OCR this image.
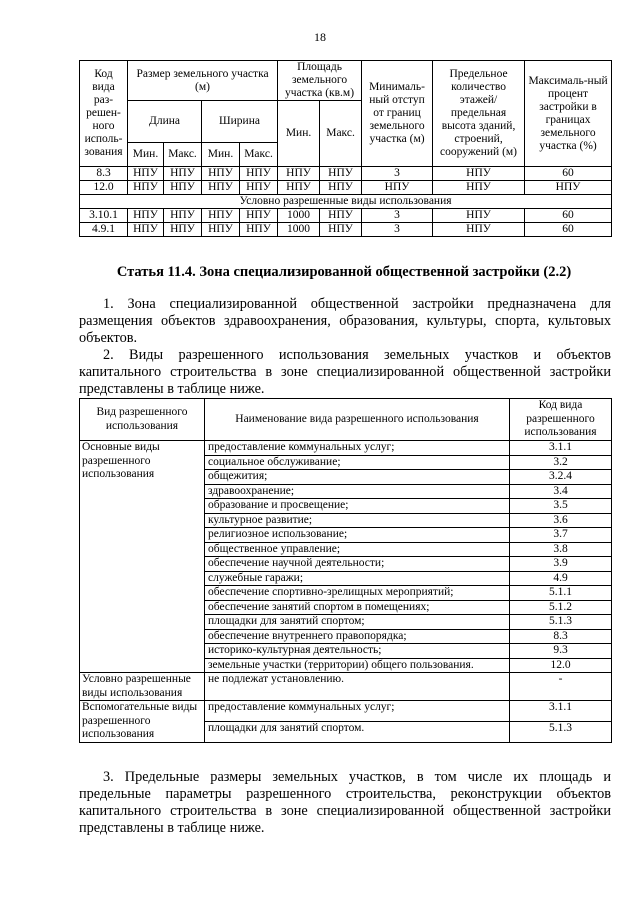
18
Код вида раз-решен-ного исполь-зования	Размер земельного участка (м)				Площадь земельного участка (кв.м)		Минималь-ный отступ от границ земельного участка (м)	Предельное количество этажей/ предельная высота зданий, строений, сооружений (м)	Максималь-ный процент застройки в границах земельного участка (%)
	Длина		Ширина		Мин.	Макс.			
	Мин.	Макс.	Мин.	Макс.					
8.3	НПУ	НПУ	НПУ	НПУ	НПУ	НПУ	3	НПУ	60
12.0	НПУ	НПУ	НПУ	НПУ	НПУ	НПУ	НПУ	НПУ	НПУ
Условно разрешенные виды использования									
3.10.1	НПУ	НПУ	НПУ	НПУ	1000	НПУ	3	НПУ	60
4.9.1	НПУ	НПУ	НПУ	НПУ	1000	НПУ	3	НПУ	60
Статья 11.4. Зона специализированной общественной застройки (2.2)

1. Зона специализированной общественной застройки предназначена для размещения объектов здравоохранения, образования, культуры, спорта, культовых объектов.

2. Виды разрешенного использования земельных участков и объектов капитального строительства в зоне специализированной общественной застройки представлены в таблице ниже.

Вид разрешенного использования	Наименование вида разрешенного использования	Код вида разрешенного использования
Основные виды разрешенного использования	предоставление коммунальных услуг;	3.1.1
	социальное обслуживание;	3.2
	общежития;	3.2.4
	здравоохранение;	3.4
	образование и просвещение;	3.5
	культурное развитие;	3.6
	религиозное использование;	3.7
	общественное управление;	3.8
	обеспечение научной деятельности;	3.9
	служебные гаражи;	4.9
	обеспечение спортивно-зрелищных мероприятий;	5.1.1
	обеспечение занятий спортом в помещениях;	5.1.2
	площадки для занятий спортом;	5.1.3
	обеспечение внутреннего правопорядка;	8.3
	историко-культурная деятельность;	9.3
	земельные участки (территории) общего пользования.	12.0
Условно разрешенные виды использования	не подлежат установлению.	-
Вспомогательные виды разрешенного использования	предоставление коммунальных услуг;	3.1.1
	площадки для занятий спортом.	5.1.3

3. Предельные размеры земельных участков, в том числе их площадь и предельные параметры разрешенного строительства, реконструкции объектов капитального строительства в зоне специализированной общественной застройки представлены в таблице ниже.
